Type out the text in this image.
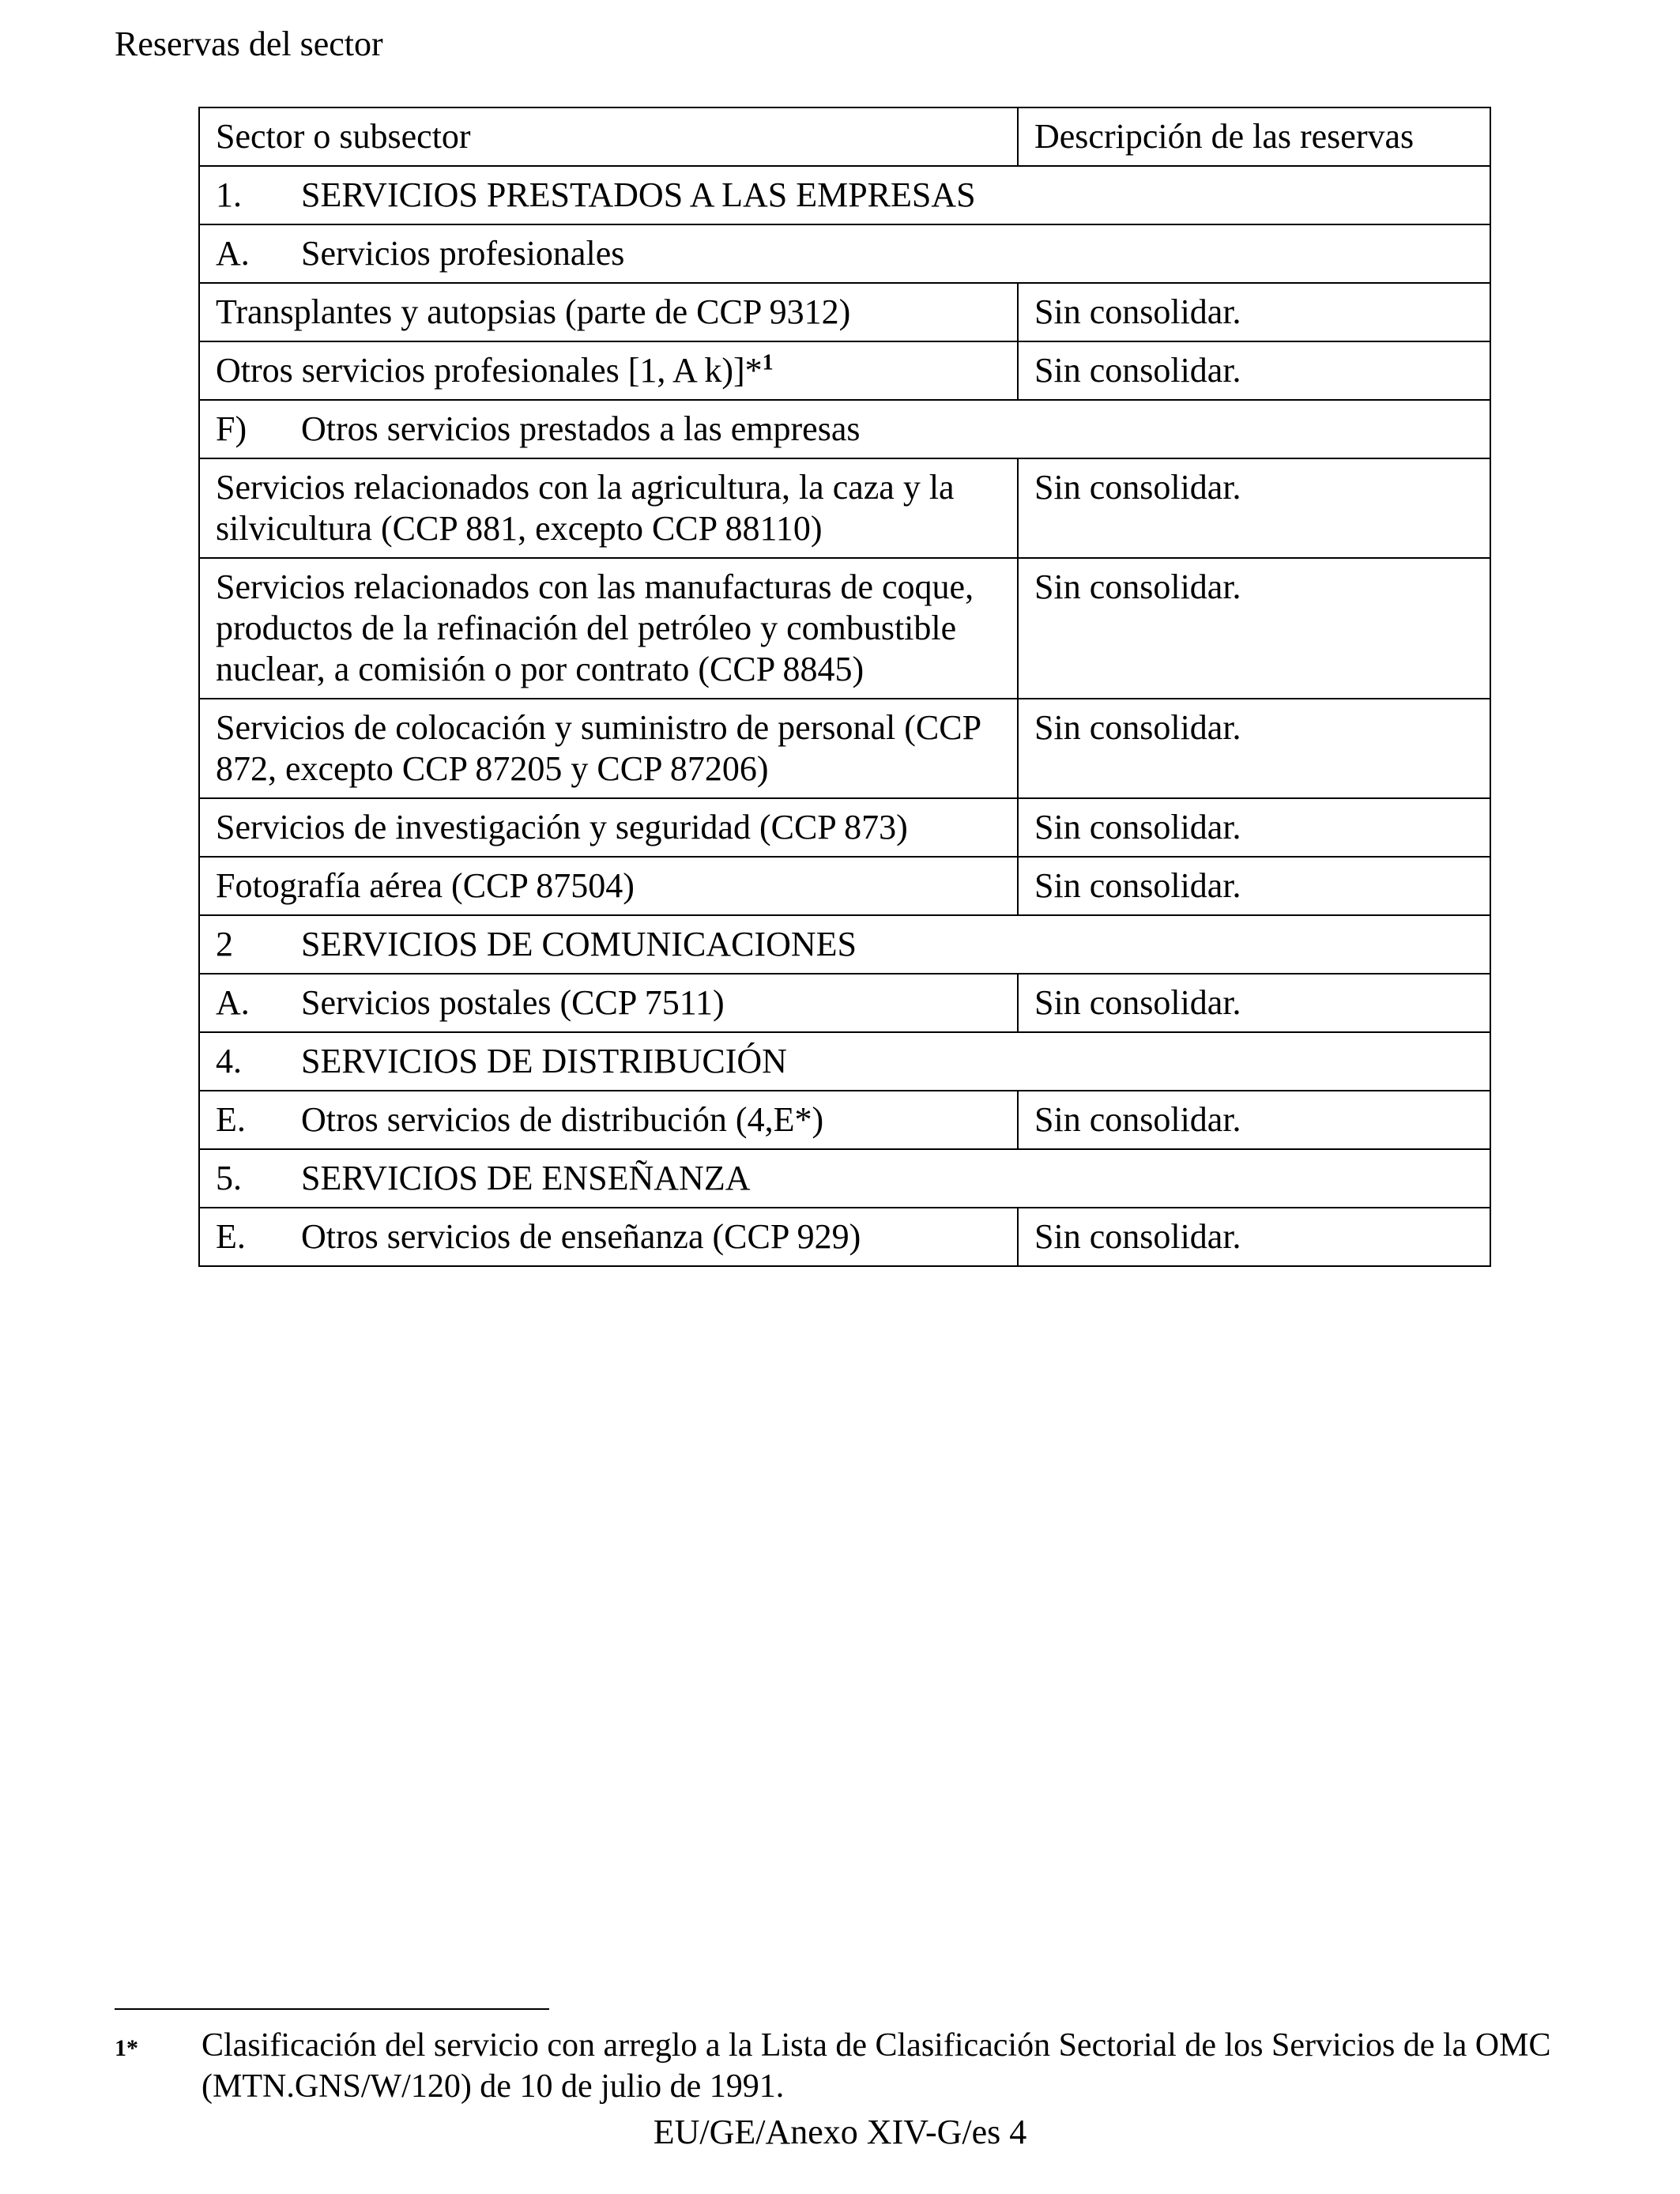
Reservas del sector
Sector o subsector	Descripción de las reservas
1. SERVICIOS PRESTADOS A LAS EMPRESAS	
A. Servicios profesionales	
Transplantes y autopsias (parte de CCP 9312)	Sin consolidar.
Otros servicios profesionales [1, A k)]*$^1$	Sin consolidar.
F) Otros servicios prestados a las empresas	
Servicios relacionados con la agricultura, la caza y la silvicultura (CCP 881, excepto CCP 88110)	Sin consolidar.
Servicios relacionados con las manufacturas de coque, productos de la refinación del petróleo y combustible nuclear, a comisión o por contrato (CCP 8845)	Sin consolidar.
Servicios de colocación y suministro de personal (CCP 872, excepto CCP 87205 y CCP 87206)	Sin consolidar.
Servicios de investigación y seguridad (CCP 873)	Sin consolidar.
Fotografía aérea (CCP 87504)	Sin consolidar.
2 SERVICIOS DE COMUNICACIONES	
A. Servicios postales (CCP 7511)	Sin consolidar.
4. SERVICIOS DE DISTRIBUCIÓN	
E. Otros servicios de distribución (4,E*)	Sin consolidar.
5. SERVICIOS DE ENSEÑANZA	
E. Otros servicios de enseñanza (CCP 929)	Sin consolidar.
1* Clasificación del servicio con arreglo a la Lista de Clasificación Sectorial de los Servicios de la OMC (MTN.GNS/W/120) de 10 de julio de 1991.
EU/GE/Anexo XIV-G/es 4
